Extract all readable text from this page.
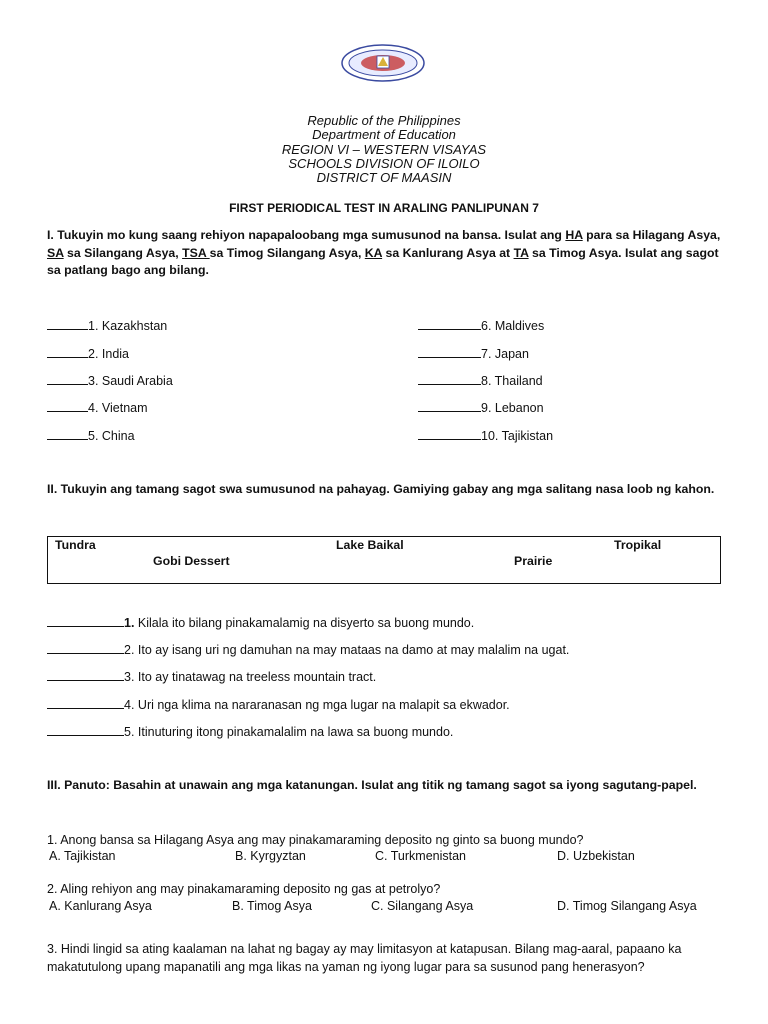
Republic of the Philippines
Department of Education
REGION VI – WESTERN VISAYAS
SCHOOLS DIVISION OF ILOILO
DISTRICT OF MAASIN
FIRST PERIODICAL TEST IN ARALING PANLIPUNAN 7
I. Tukuyin mo kung saang rehiyon napapaloobang mga sumusunod na bansa. Isulat ang HA para sa Hilagang Asya, SA sa Silangang Asya, TSA sa Timog Silangang Asya, KA sa Kanlurang Asya at TA sa Timog Asya. Isulat ang sagot sa patlang bago ang bilang.
1. Kazakhstan
2. India
3. Saudi Arabia
4. Vietnam
5. China
6. Maldives
7. Japan
8. Thailand
9. Lebanon
10. Tajikistan
II. Tukuyin ang tamang sagot swa sumusunod na pahayag. Gamiying gabay ang mga salitang nasa loob ng kahon.
Tundra	Lake Baikal	Tropikal
Gobi Dessert	Prairie
1. Kilala ito bilang pinakamalamig na disyerto sa buong mundo.
2. Ito ay isang uri ng damuhan na may mataas na damo at may malalim na ugat.
3. Ito ay tinatawag na treeless mountain tract.
4. Uri nga klima na nararanasan ng mga lugar na malapit sa ekwador.
5. Itinuturing itong pinakamalalim na lawa sa buong mundo.
III. Panuto: Basahin at unawain ang mga katanungan. Isulat ang titik ng tamang sagot sa iyong sagutang-papel.
1. Anong bansa sa Hilagang Asya ang may pinakamaraming deposito ng ginto sa buong mundo?
A. Tajikistan	B. Kyrgyztan	C. Turkmenistan	D. Uzbekistan
2. Aling rehiyon ang may pinakamaraming deposito ng gas at petrolyo?
A. Kanlurang Asya	B. Timog Asya	C. Silangang Asya	D. Timog Silangang Asya
3. Hindi lingid sa ating kaalaman na lahat ng bagay ay may limitasyon at katapusan. Bilang mag-aaral, papaano ka makatutulong upang mapanatili ang mga likas na yaman ng iyong lugar para sa susunod pang henerasyon?
